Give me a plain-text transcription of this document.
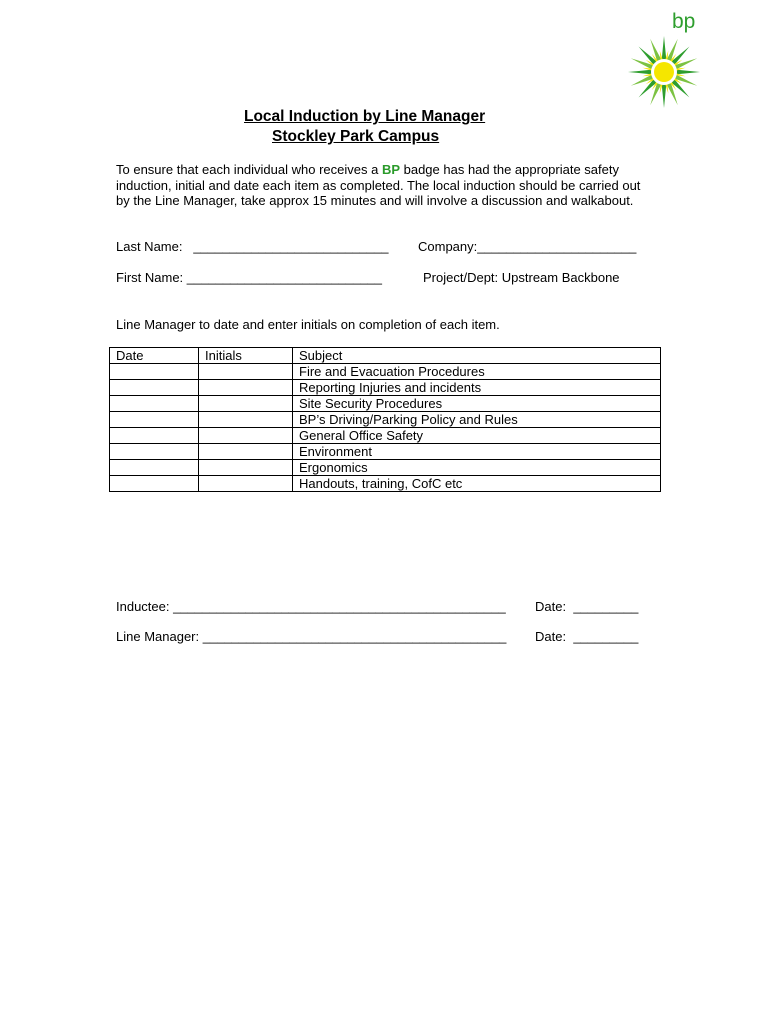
bp
Local Induction by Line Manager
Stockley Park Campus
To ensure that each individual who receives a BP badge has had the appropriate safety induction, initial and date each item as completed. The local induction should be carried out by the Line Manager, take approx 15 minutes and will involve a discussion and walkabout.
Last Name: ___________________________ Company:______________________
First Name: ___________________________	Project/Dept: Upstream Backbone
Line Manager to date and enter initials on completion of each item.
Date	Initials	Subject
		Fire and Evacuation Procedures
		Reporting Injuries and incidents
		Site Security Procedures
		BP’s Driving/Parking Policy and Rules
		General Office Safety
		Environment
		Ergonomics
		Handouts, training, CofC etc
Inductee: ______________________________________________ Date: _________
Line Manager: __________________________________________ Date: _________
